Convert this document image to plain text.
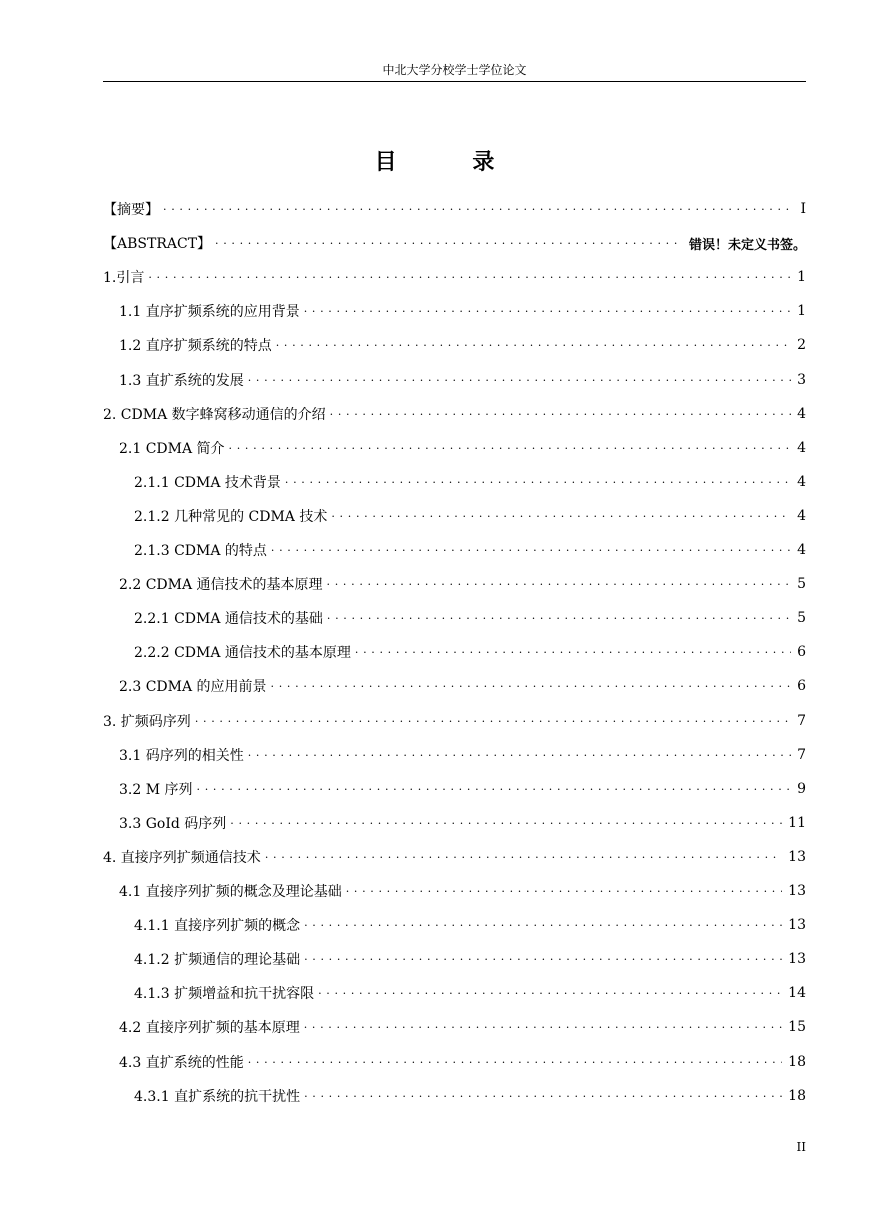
中北大学分校学士学位论文
目 录
【摘要】 . . .	I
【ABSTRACT】 . . .	错误！未定义书签。
1.引言 . . .	1
1.1 直序扩频系统的应用背景 . . .	1
1.2 直序扩频系统的特点 . . .	2
1.3 直扩系统的发展 . . .	3
2. CDMA 数字蜂窝移动通信的介绍 . . .	4
2.1 CDMA 简介 . . .	4
2.1.1 CDMA 技术背景 . . .	4
2.1.2 几种常见的 CDMA 技术 . . .	4
2.1.3 CDMA 的特点 . . .	4
2.2 CDMA 通信技术的基本原理 . . .	5
2.2.1 CDMA 通信技术的基础 . . .	5
2.2.2 CDMA 通信技术的基本原理 . . .	6
2.3 CDMA 的应用前景 . . .	6
3. 扩频码序列 . . .	7
3.1 码序列的相关性 . . .	7
3.2 M 序列 . . .	9
3.3 GoId 码序列 . . .	11
4. 直接序列扩频通信技术 . . .	13
4.1 直接序列扩频的概念及理论基础 . . .	13
4.1.1 直接序列扩频的概念 . . .	13
4.1.2 扩频通信的理论基础 . . .	13
4.1.3 扩频增益和抗干扰容限 . . .	14
4.2 直接序列扩频的基本原理 . . .	15
4.3 直扩系统的性能 . . .	18
4.3.1 直扩系统的抗干扰性 . . .	18
II
